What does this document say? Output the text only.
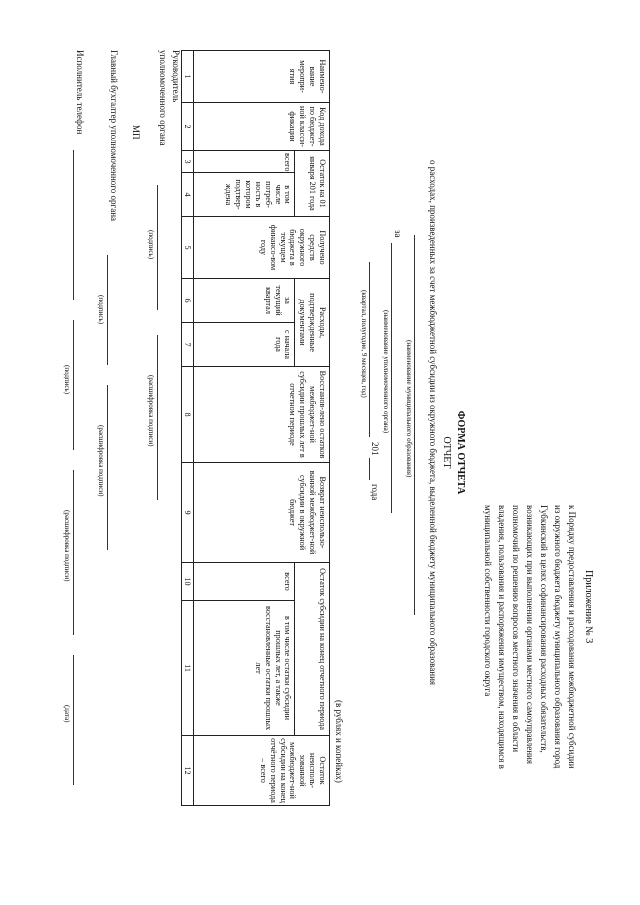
Приложение № 3
к Порядку предоставления и расходования межбюджетной субсидии
из окружного бюджета бюджету муниципального образования город
Губкинский в целях софинансирования расходных обязательств,
возникающих при выполнении органами местного самоуправления
полномочий по решению вопросов местного значения в области
владения, пользования и распоряжения имуществом, находящимся в
муниципальной собственности городского округа
ФОРМА ОТЧЕТА
ОТЧЕТ
о расходах, произведенных за счет межбюджетной субсидии из окружного бюджета, выделенной бюджету муниципального образования
(наименование муниципального образования)
за
(наименование уполномоченного органа)
201
года
(квартал, полугодие, 9 месяцев, год)
(в рублях и копейках)
Наимено-вание меропри-ятия	Код дохода по бюджет-ной класси-фикации	Остаток на 01 января 201 года		Получено средств окружного бюджета в текущем финансо-вом году	Расходы, подтвержденные документами		Восстанов-лено остатков межбюджет-ной субсидии прошлых лет в отчетном периоде	Возврат неиспользо-ванной межбюджет-ной субсидии в окружной бюджет	Остаток субсидии на конец отчетного периода		Остаток неисполь-зованной межбюджет-ной субсидии на конец отчётного периода – всего
		всего	в том числе потреб-ность в котором подтвер-ждена		за текущий квартал	с начала года			всего	в том числе остатки субсидии прошлых лет, а также восстановленные остатки прошлых лет	
1	2	3	4	5	6	7	8	9	10	11	12
Руководитель
уполномоченного органа
(подпись)
(расшифровка подписи)
МП
Главный бухгалтер уполномоченного органа
(подпись)
(расшифровка подписи)
Исполнитель телефон
(подпись)
(расшифровка подписи)
(дата)
